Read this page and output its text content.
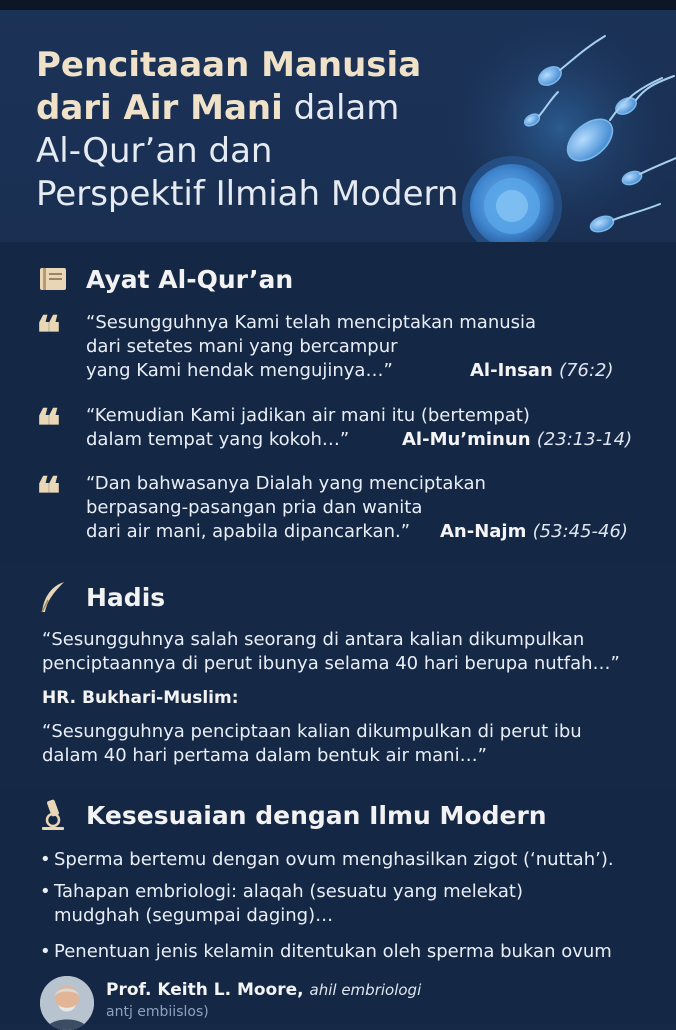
Pencitaaan Manusia
dari Air Mani dalam
Al-Qur’an dan
Perspektif Ilmiah Modern
Ayat Al-Qur’an
❝ “Sesungguhnya Kami telah menciptakan manusia
dari setetes mani yang bercampur
yang Kami hendak mengujinya…”	Al-Insan (76:2)
❝ “Kemudian Kami jadikan air mani itu (bertempat)
dalam tempat yang kokoh…”	Al-Mu’minun (23:13-14)
❝ “Dan bahwasanya Dialah yang menciptakan
berpasang-pasangan pria dan wanita
dari air mani, apabila dipancarkan.”	An-Najm (53:45-46)
Hadis
“Sesungguhnya salah seorang di antara kalian dikumpulkan
penciptaannya di perut ibunya selama 40 hari berupa nutfah…”
HR. Bukhari-Muslim:
“Sesungguhnya penciptaan kalian dikumpulkan di perut ibu
dalam 40 hari pertama dalam bentuk air mani…”
Kesesuaian dengan Ilmu Modern
• Sperma bertemu dengan ovum menghasilkan zigot (‘nuttah’).
• Tahapan embriologi: alaqah (sesuatu yang melekat)
mudghah (segumpai daging)…
• Penentuan jenis kelamin ditentukan oleh sperma bukan ovum
Prof. Keith L. Moore, ahil embriologi
antj embiislos)
